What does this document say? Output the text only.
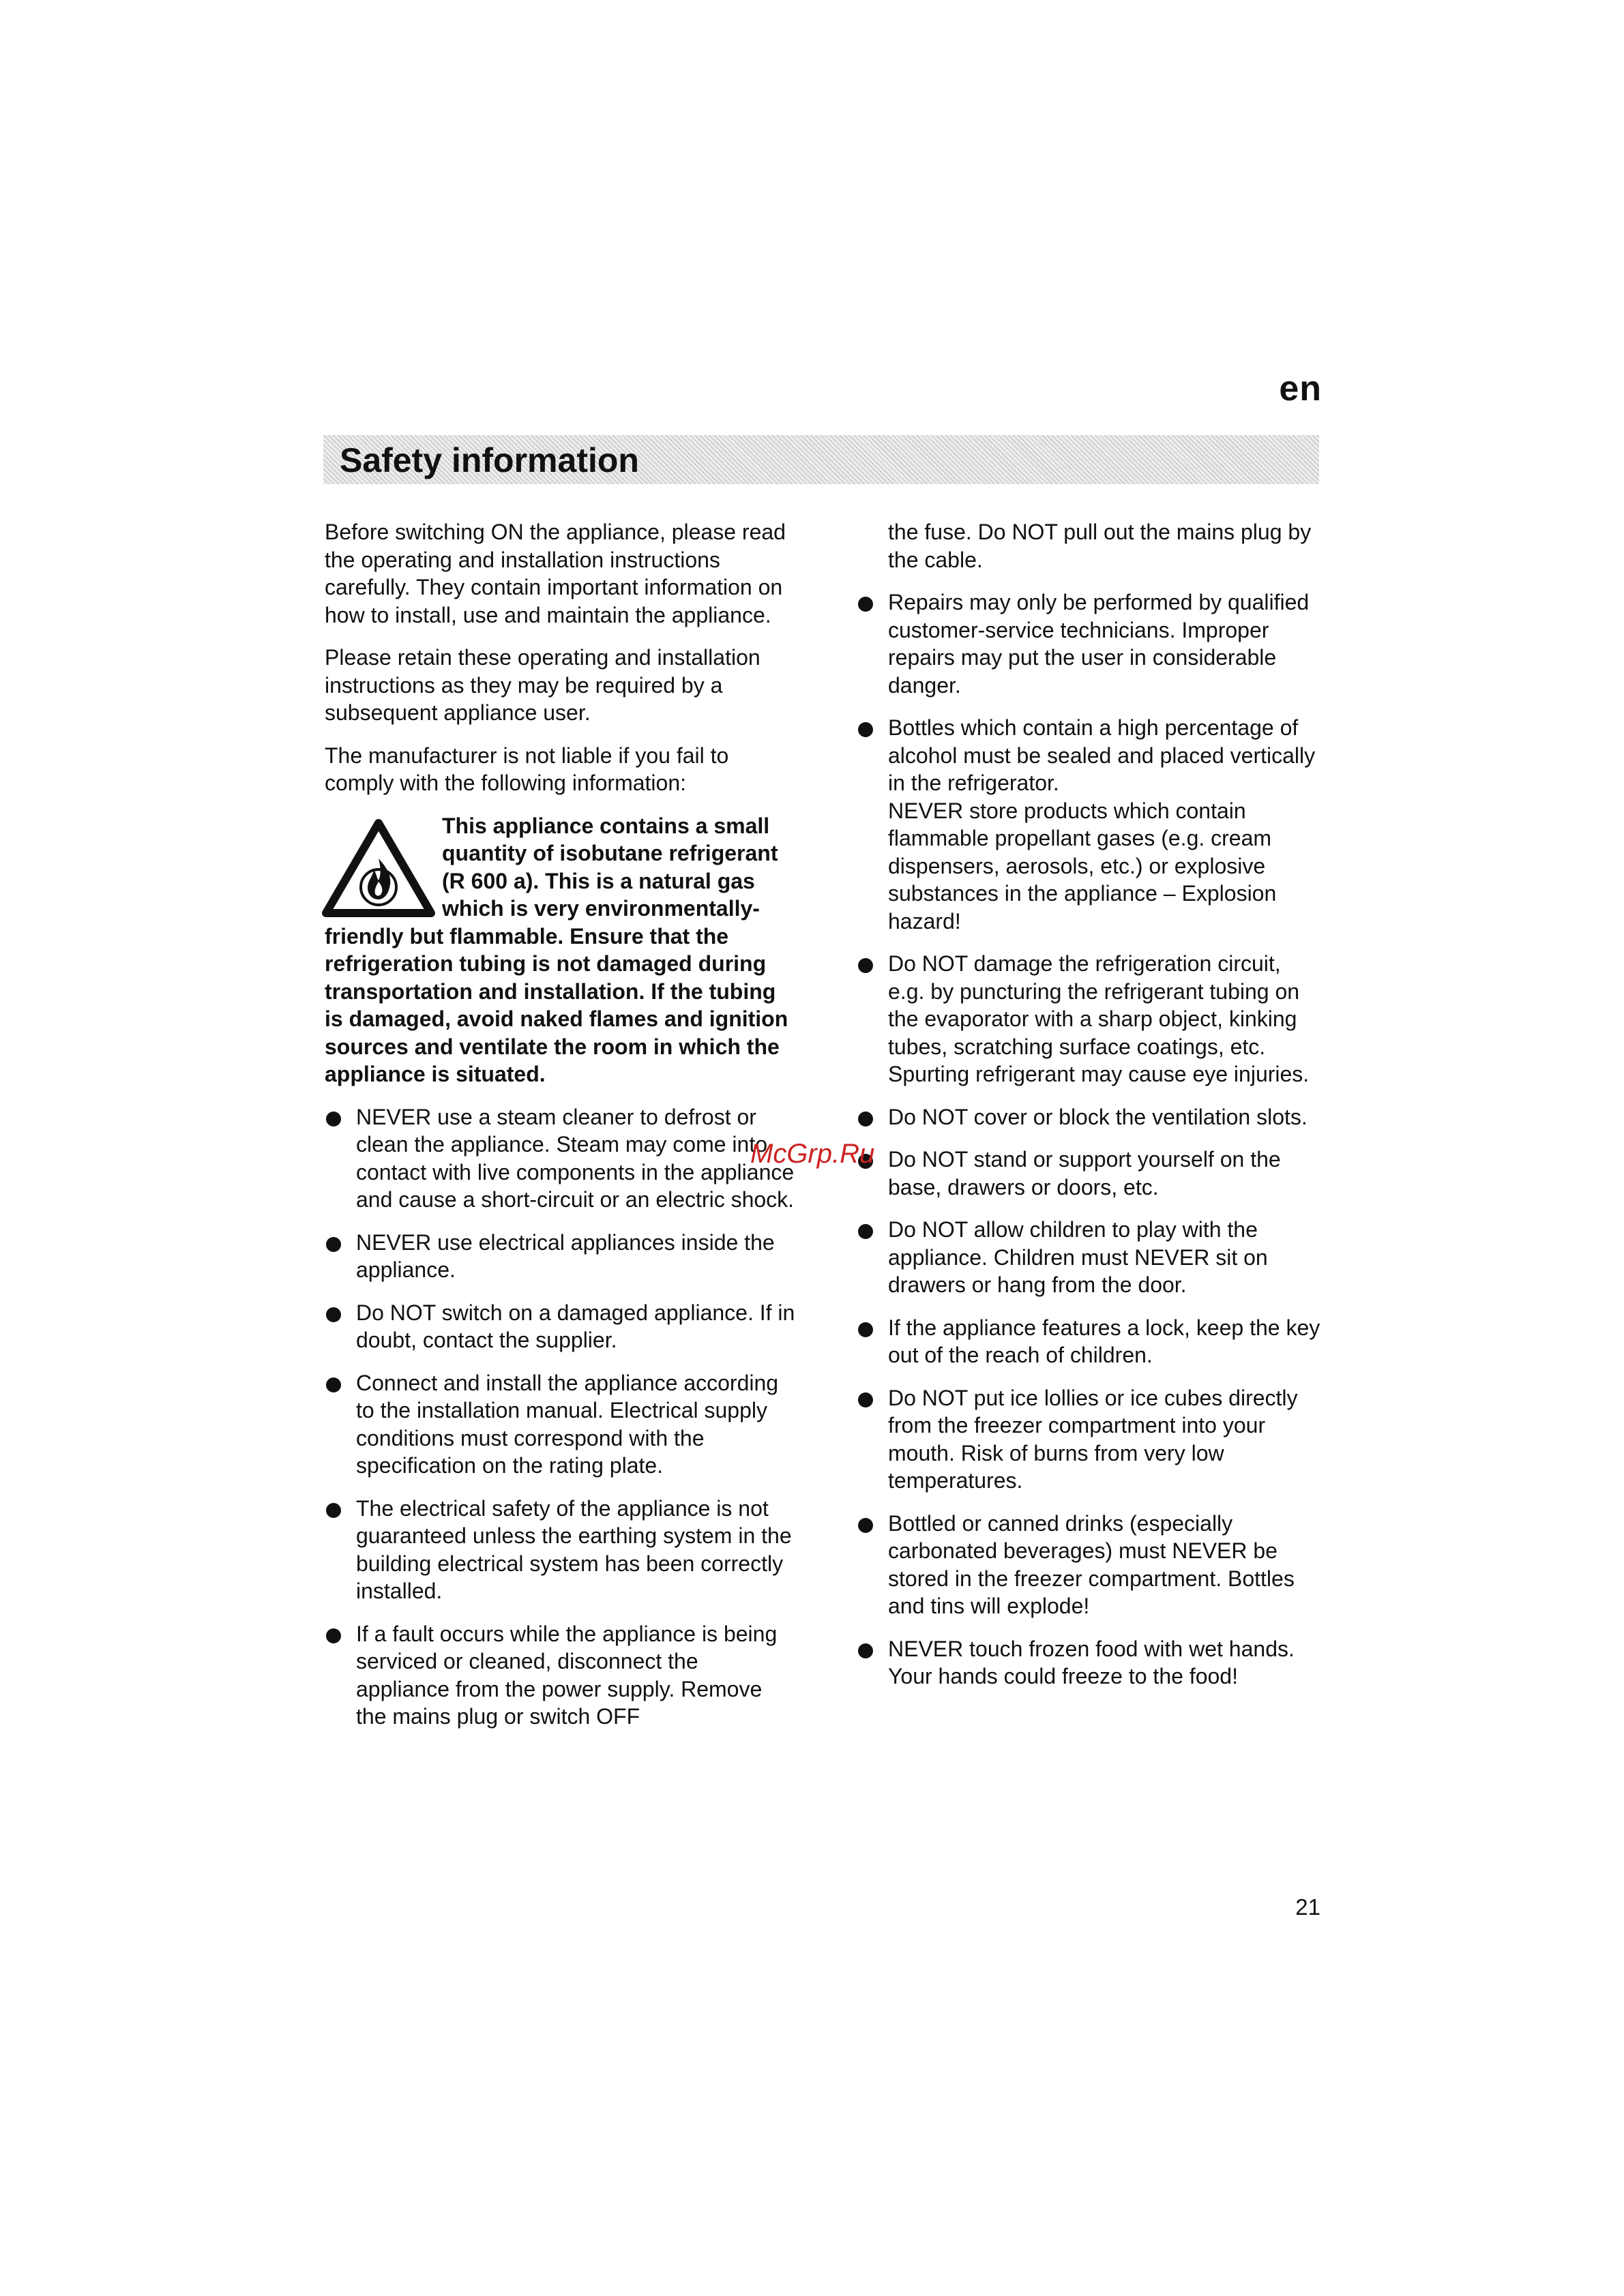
en
Safety information

Before switching ON the appliance, please read the operating and installation instructions carefully. They contain important information on how to install, use and maintain the appliance.

Please retain these operating and installation instructions as they may be required by a subsequent appliance user.

The manufacturer is not liable if you fail to comply with the following information:

This appliance contains a small quantity of isobutane refrigerant (R 600 a). This is a natural gas which is very environmentally-friendly but flammable. Ensure that the refrigeration tubing is not damaged during transportation and installation. If the tubing is damaged, avoid naked flames and ignition sources and ventilate the room in which the appliance is situated.
NEVER use a steam cleaner to defrost or clean the appliance. Steam may come into contact with live components in the appliance and cause a short-circuit or an electric shock.
NEVER use electrical appliances inside the appliance.
Do NOT switch on a damaged appliance. If in doubt, contact the supplier.
Connect and install the appliance according to the installation manual. Electrical supply conditions must correspond with the specification on the rating plate.
The electrical safety of the appliance is not guaranteed unless the earthing system in the building electrical system has been correctly installed.
If a fault occurs while the appliance is being serviced or cleaned, disconnect the appliance from the power supply. Remove the mains plug or switch OFF
the fuse. Do NOT pull out the mains plug by the cable.
Repairs may only be performed by qualified customer-service technicians. Improper repairs may put the user in considerable danger.
Bottles which contain a high percentage of alcohol must be sealed and placed vertically in the refrigerator.
NEVER store products which contain flammable propellant gases (e.g. cream dispensers, aerosols, etc.) or explosive substances in the appliance – Explosion hazard!
Do NOT damage the refrigeration circuit, e.g. by puncturing the refrigerant tubing on the evaporator with a sharp object, kinking tubes, scratching surface coatings, etc. Spurting refrigerant may cause eye injuries.
Do NOT cover or block the ventilation slots.
Do NOT stand or support yourself on the base, drawers or doors, etc.
Do NOT allow children to play with the appliance. Children must NEVER sit on drawers or hang from the door.
If the appliance features a lock, keep the key out of the reach of children.
Do NOT put ice lollies or ice cubes directly from the freezer compartment into your mouth. Risk of burns from very low temperatures.
Bottled or canned drinks (especially carbonated beverages) must NEVER be stored in the freezer compartment. Bottles and tins will explode!
NEVER touch frozen food with wet hands. Your hands could freeze to the food!
McGrp.Ru
21
